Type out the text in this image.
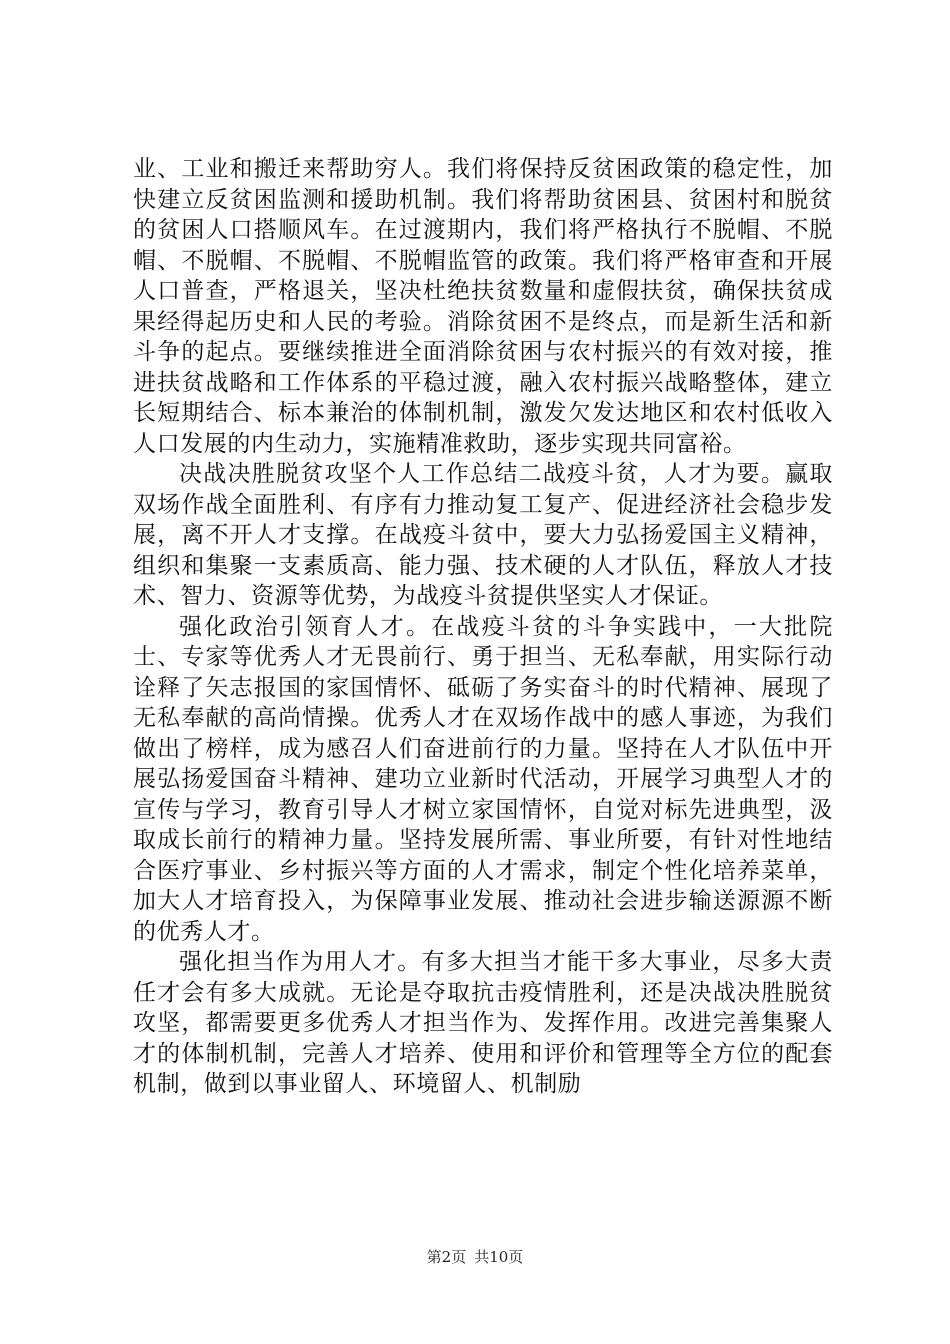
业、工业和搬迁来帮助穷人。我们将保持反贫困政策的稳定性，加快建立反贫困监测和援助机制。我们将帮助贫困县、贫困村和脱贫的贫困人口搭顺风车。在过渡期内，我们将严格执行不脱帽、不脱帽、不脱帽、不脱帽、不脱帽监管的政策。我们将严格审查和开展人口普查，严格退关，坚决杜绝扶贫数量和虚假扶贫，确保扶贫成果经得起历史和人民的考验。消除贫困不是终点，而是新生活和新斗争的起点。要继续推进全面消除贫困与农村振兴的有效对接，推进扶贫战略和工作体系的平稳过渡，融入农村振兴战略整体，建立长短期结合、标本兼治的体制机制，激发欠发达地区和农村低收入人口发展的内生动力，实施精准救助，逐步实现共同富裕。

决战决胜脱贫攻坚个人工作总结二战疫斗贫，人才为要。赢取双场作战全面胜利、有序有力推动复工复产、促进经济社会稳步发展，离不开人才支撑。在战疫斗贫中，要大力弘扬爱国主义精神，组织和集聚一支素质高、能力强、技术硬的人才队伍，释放人才技术、智力、资源等优势，为战疫斗贫提供坚实人才保证。

强化政治引领育人才。在战疫斗贫的斗争实践中，一大批院士、专家等优秀人才无畏前行、勇于担当、无私奉献，用实际行动诠释了矢志报国的家国情怀、砥砺了务实奋斗的时代精神、展现了无私奉献的高尚情操。优秀人才在双场作战中的感人事迹，为我们做出了榜样，成为感召人们奋进前行的力量。坚持在人才队伍中开展弘扬爱国奋斗精神、建功立业新时代活动，开展学习典型人才的宣传与学习，教育引导人才树立家国情怀，自觉对标先进典型，汲取成长前行的精神力量。坚持发展所需、事业所要，有针对性地结合医疗事业、乡村振兴等方面的人才需求，制定个性化培养菜单，加大人才培育投入，为保障事业发展、推动社会进步输送源源不断的优秀人才。

强化担当作为用人才。有多大担当才能干多大事业，尽多大责任才会有多大成就。无论是夺取抗击疫情胜利，还是决战决胜脱贫攻坚，都需要更多优秀人才担当作为、发挥作用。改进完善集聚人才的体制机制，完善人才培养、使用和评价和管理等全方位的配套机制，做到以事业留人、环境留人、机制励

第2页 共10页
